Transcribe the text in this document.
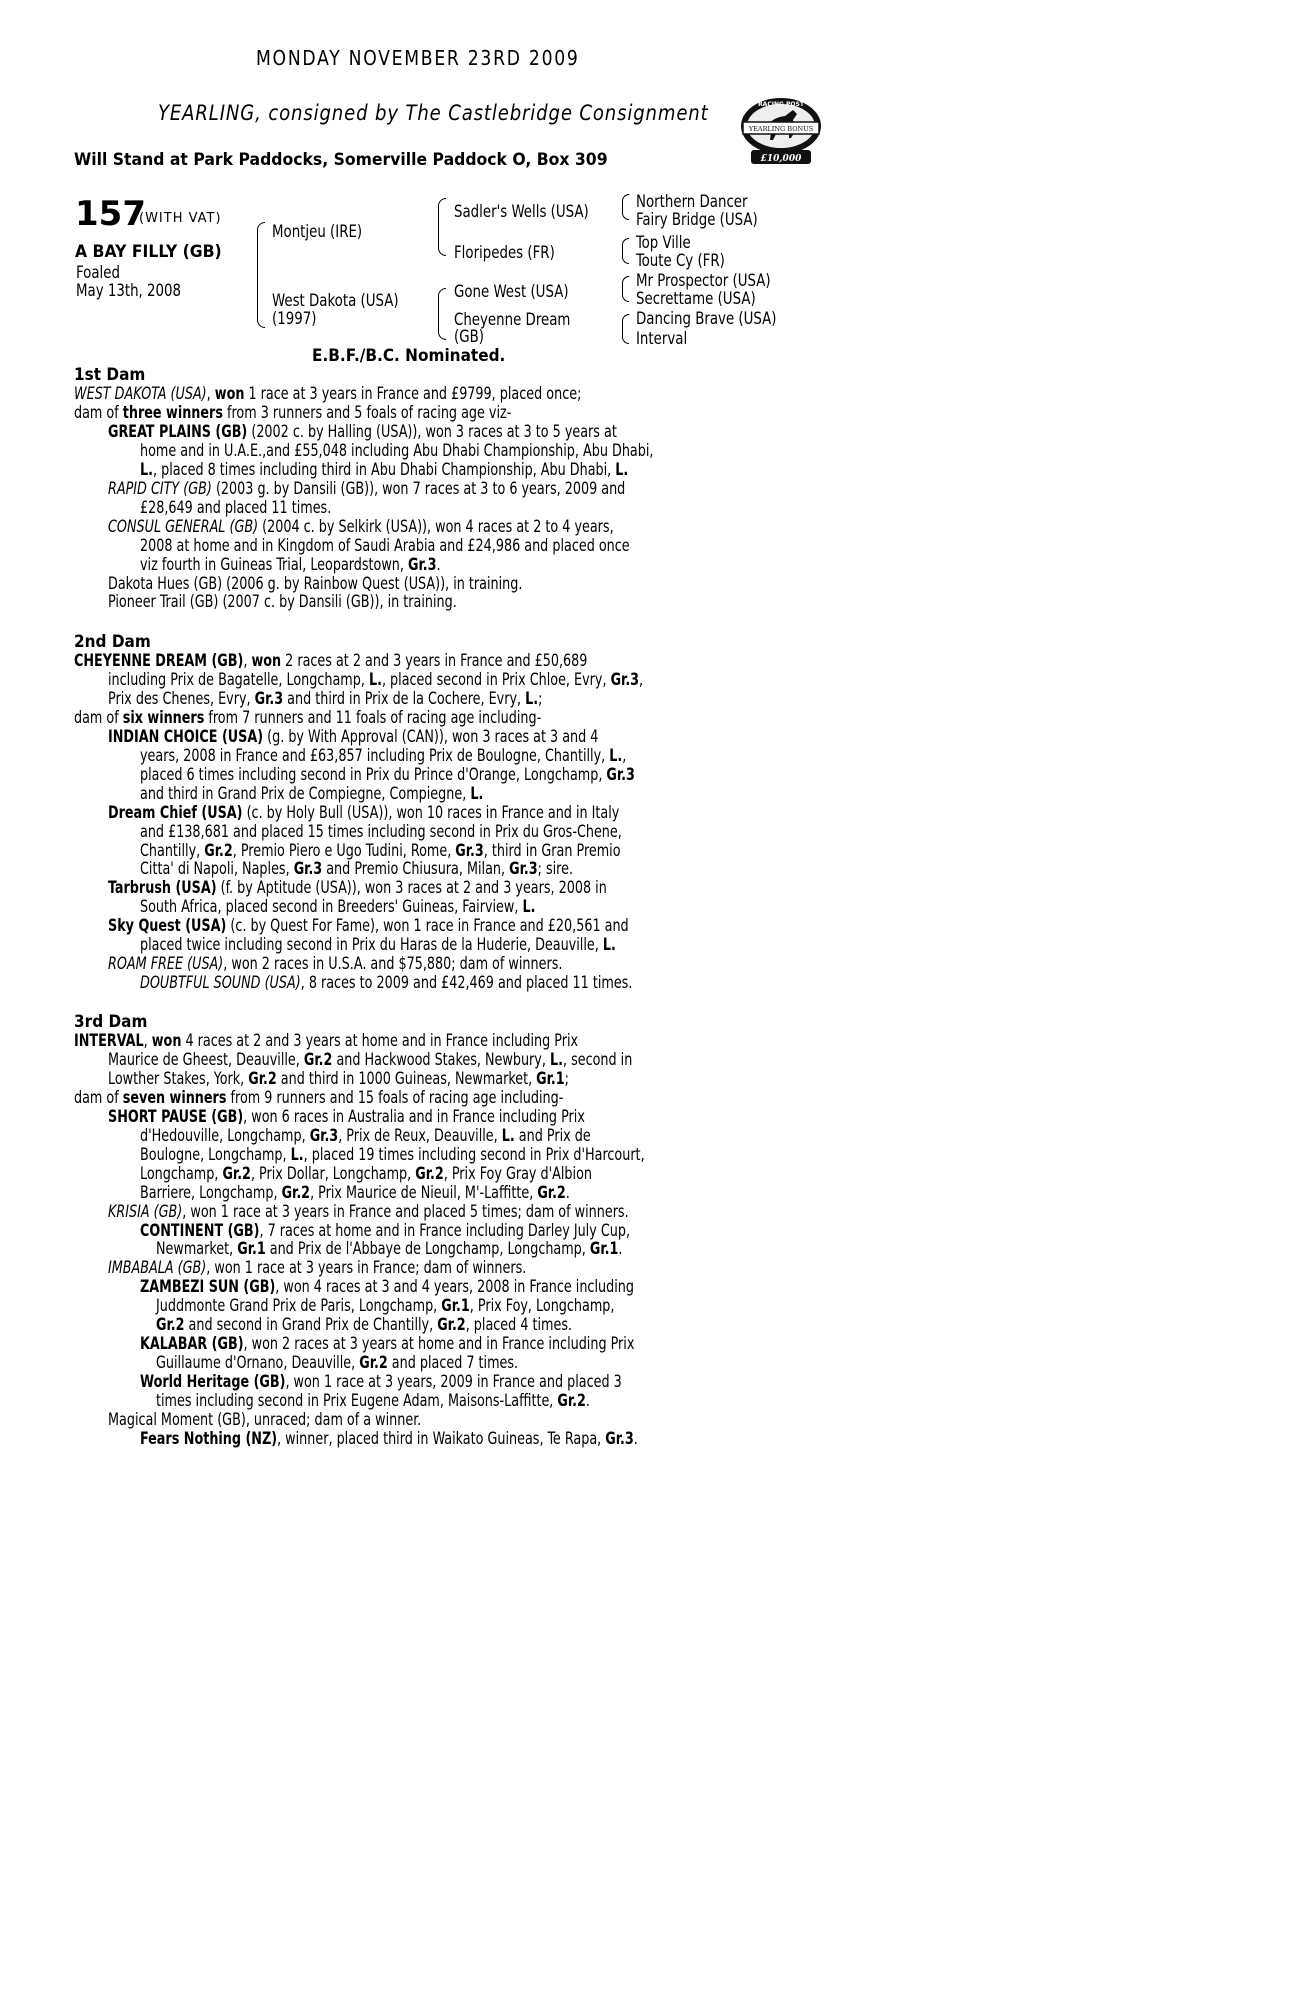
MONDAY NOVEMBER 23RD 2009
YEARLING, consigned by The Castlebridge Consignment
Will Stand at Park Paddocks, Somerville Paddock O, Box 309
RACING POST
YEARLING BONUS
£10,000
157
(WITH VAT)
A BAY FILLY (GB)
Foaled
May 13th, 2008
Montjeu (IRE)
West Dakota (USA)
(1997)
Sadler's Wells (USA)
Floripedes (FR)
Gone West (USA)
Cheyenne Dream
(GB)
Northern Dancer
Fairy Bridge (USA)
Top Ville
Toute Cy (FR)
Mr Prospector (USA)
Secrettame (USA)
Dancing Brave (USA)
Interval
E.B.F./B.C. Nominated.
1st Dam
WEST DAKOTA (USA), won 1 race at 3 years in France and £9799, placed once;
dam of three winners from 3 runners and 5 foals of racing age viz-
GREAT PLAINS (GB) (2002 c. by Halling (USA)), won 3 races at 3 to 5 years at
home and in U.A.E.,and £55,048 including Abu Dhabi Championship, Abu Dhabi,
L., placed 8 times including third in Abu Dhabi Championship, Abu Dhabi, L.
RAPID CITY (GB) (2003 g. by Dansili (GB)), won 7 races at 3 to 6 years, 2009 and
£28,649 and placed 11 times.
CONSUL GENERAL (GB) (2004 c. by Selkirk (USA)), won 4 races at 2 to 4 years,
2008 at home and in Kingdom of Saudi Arabia and £24,986 and placed once
viz fourth in Guineas Trial, Leopardstown, Gr.3.
Dakota Hues (GB) (2006 g. by Rainbow Quest (USA)), in training.
Pioneer Trail (GB) (2007 c. by Dansili (GB)), in training.
2nd Dam
CHEYENNE DREAM (GB), won 2 races at 2 and 3 years in France and £50,689
including Prix de Bagatelle, Longchamp, L., placed second in Prix Chloe, Evry, Gr.3,
Prix des Chenes, Evry, Gr.3 and third in Prix de la Cochere, Evry, L.;
dam of six winners from 7 runners and 11 foals of racing age including-
INDIAN CHOICE (USA) (g. by With Approval (CAN)), won 3 races at 3 and 4
years, 2008 in France and £63,857 including Prix de Boulogne, Chantilly, L.,
placed 6 times including second in Prix du Prince d'Orange, Longchamp, Gr.3
and third in Grand Prix de Compiegne, Compiegne, L.
Dream Chief (USA) (c. by Holy Bull (USA)), won 10 races in France and in Italy
and £138,681 and placed 15 times including second in Prix du Gros-Chene,
Chantilly, Gr.2, Premio Piero e Ugo Tudini, Rome, Gr.3, third in Gran Premio
Citta' di Napoli, Naples, Gr.3 and Premio Chiusura, Milan, Gr.3; sire.
Tarbrush (USA) (f. by Aptitude (USA)), won 3 races at 2 and 3 years, 2008 in
South Africa, placed second in Breeders' Guineas, Fairview, L.
Sky Quest (USA) (c. by Quest For Fame), won 1 race in France and £20,561 and
placed twice including second in Prix du Haras de la Huderie, Deauville, L.
ROAM FREE (USA), won 2 races in U.S.A. and $75,880; dam of winners.
DOUBTFUL SOUND (USA), 8 races to 2009 and £42,469 and placed 11 times.
3rd Dam
INTERVAL, won 4 races at 2 and 3 years at home and in France including Prix
Maurice de Gheest, Deauville, Gr.2 and Hackwood Stakes, Newbury, L., second in
Lowther Stakes, York, Gr.2 and third in 1000 Guineas, Newmarket, Gr.1;
dam of seven winners from 9 runners and 15 foals of racing age including-
SHORT PAUSE (GB), won 6 races in Australia and in France including Prix
d'Hedouville, Longchamp, Gr.3, Prix de Reux, Deauville, L. and Prix de
Boulogne, Longchamp, L., placed 19 times including second in Prix d'Harcourt,
Longchamp, Gr.2, Prix Dollar, Longchamp, Gr.2, Prix Foy Gray d'Albion
Barriere, Longchamp, Gr.2, Prix Maurice de Nieuil, M'-Laffitte, Gr.2.
KRISIA (GB), won 1 race at 3 years in France and placed 5 times; dam of winners.
CONTINENT (GB), 7 races at home and in France including Darley July Cup,
Newmarket, Gr.1 and Prix de l'Abbaye de Longchamp, Longchamp, Gr.1.
IMBABALA (GB), won 1 race at 3 years in France; dam of winners.
ZAMBEZI SUN (GB), won 4 races at 3 and 4 years, 2008 in France including
Juddmonte Grand Prix de Paris, Longchamp, Gr.1, Prix Foy, Longchamp,
Gr.2 and second in Grand Prix de Chantilly, Gr.2, placed 4 times.
KALABAR (GB), won 2 races at 3 years at home and in France including Prix
Guillaume d'Ornano, Deauville, Gr.2 and placed 7 times.
World Heritage (GB), won 1 race at 3 years, 2009 in France and placed 3
times including second in Prix Eugene Adam, Maisons-Laffitte, Gr.2.
Magical Moment (GB), unraced; dam of a winner.
Fears Nothing (NZ), winner, placed third in Waikato Guineas, Te Rapa, Gr.3.
